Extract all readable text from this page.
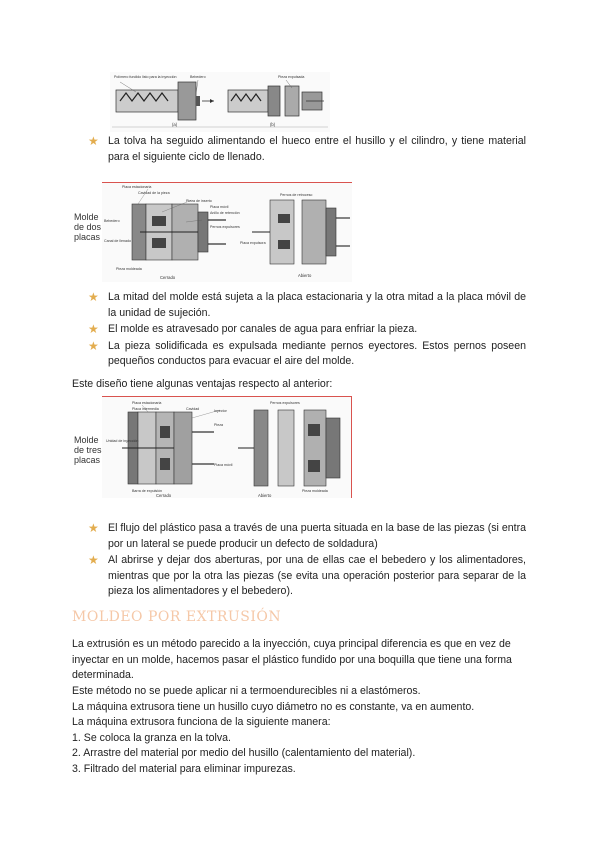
Polímero fundido listo para la inyección	Bebedero	Pieza expulsada
(a)	(b)
★ La tolva ha seguido alimentando el hueco entre el husillo y el cilindro, y tiene material para el siguiente ciclo de llenado.
Molde de dos placas
Placa estacionaria
Cavidad de la pieza
Pieza de inserto
Placa móvil
Anillo de retención
Bebedero
Pernos expulsores
Canal de llenado
Pieza moldeada
Pernos de retroceso
Placa expulsora
Cerrado	Abierto
★ La mitad del molde está sujeta a la placa estacionaria y la otra mitad a la placa móvil de la unidad de sujeción.
★ El molde es atravesado por canales de agua para enfriar la pieza.
★ La pieza solidificada es expulsada mediante pernos eyectores. Estos pernos poseen pequeños conductos para evacuar el aire del molde.

Este diseño tiene algunas ventajas respecto al anterior:

Molde de tres placas
Placa estacionaria
Placa intermedia	Cavidad
Pieza
Inyector
Unidad de inyección
Pernos expulsores
Barra de expulsión
Placa móvil
Pieza moldeada
Cerrado	Abierto
★ El flujo del plástico pasa a través de una puerta situada en la base de las piezas (si entra por un lateral se puede producir un defecto de soldadura)
★ Al abrirse y dejar dos aberturas, por una de ellas cae el bebedero y los alimentadores, mientras que por la otra las piezas (se evita una operación posterior para separar de la pieza los alimentadores y el bebedero).
MOLDEO POR EXTRUSIÓN

La extrusión es un método parecido a la inyección, cuya principal diferencia es que en vez de inyectar en un molde, hacemos pasar el plástico fundido por una boquilla que tiene una forma determinada.

Este método no se puede aplicar ni a termoendurecibles ni a elastómeros.
La máquina extrusora tiene un husillo cuyo diámetro no es constante, va en aumento.
La máquina extrusora funciona de la siguiente manera:
1. Se coloca la granza en la tolva.
2. Arrastre del material por medio del husillo (calentamiento del material).
3. Filtrado del material para eliminar impurezas.
